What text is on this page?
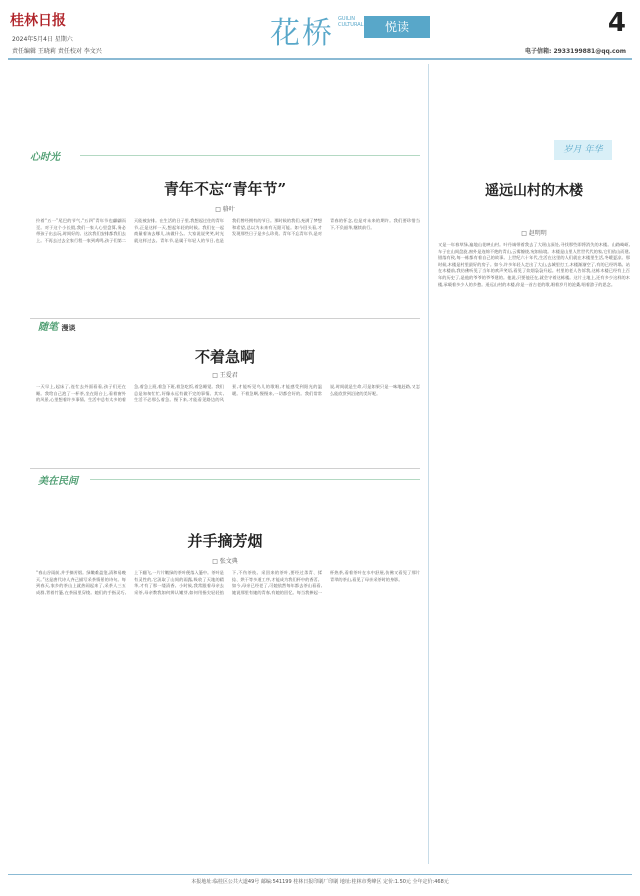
桂林日报
2024年5月4日 星期六
责任编辑 王晓莉 责任校对 李文兴
花桥 GUILIN CULTURAL	悦读	4
电子信箱: 2933199881@qq.com
心时光
青年不忘“青年节”
□ 骆叶
拎着“五一”尾巴的节气,“五四”青年节也翩翩而至。对于这个小长假,我们一家人心里盘算,务必带孩子出去玩,时间好的。这次我们安排都我们去上。不再去过去全家行程一家到鸡鸣,孩子们第二天能被安排。在生活的日子里,我想起过往的青年节,正是这样一天,想起年轻的时候。我们在一起商量着该去哪儿,该做什么。大家说说笑笑,时光就这样过去。青年节,是属于年轻人的节日,也是我们曾经拥有的节日。那时候的我们,充满了梦想和希望,总以为未来有无限可能。如今回头看,才发现那些日子是多么珍贵。青年不忘青年节,是对青春的怀念,也是对未来的期许。我们要珍惜当下,不负韶华,继续前行。
随笔 漫谈
不着急啊
□ 王爱君
一天早上,起床了,连忙去外面看看,孩子们还在睡。我给自己泡了一杯茶,坐在阳台上,看着窗外的风景,心里想着许多事情。生活中总有太多的着急,着急上班,着急下班,着急吃饭,着急睡觉。我们总是匆匆忙忙,好像永远有做不完的事情。其实,生活不必那么着急。慢下来,才能看见路边的风景,才能听见鸟儿的歌唱,才能感受到阳光的温暖。不着急啊,慢慢来,一切都会好的。我们常常说,时间就是生命,可是如果只是一味地赶路,又怎么能欣赏到沿途的美好呢。
美在民间
并手摘芳烟
□ 张文典
“春山谷雨前,并手摘芳烟。绿嫩难盈笼,清和易晚天。”这是唐代诗人齐己描写采茶情景的诗句。每到春天,家乡的茶山上就热闹起来了,采茶人三五成群,背着竹篓,在茶园里穿梭。她们的手指灵巧,上下翻飞,一片片嫩绿的茶叶便落入篓中。茶叶是有灵性的,它汲取了山间的雨露,吸收了天地的精华,才有了那一缕清香。小时候,我常跟着母亲去采茶,母亲教我如何辨认嫩芽,如何用指尖轻轻掐下,不伤茶枝。采回来的茶叶,要经过杀青、揉捻、烘干等多道工序,才能成为我们杯中的香茗。如今,母亲已经老了,可她依然每年都去茶山看看,她说那里有她的青春,有她的回忆。每当我捧起一杯热茶,看着茶叶在水中舒展,仿佛又看见了那片青翠的茶山,看见了母亲采茶时的身影。
岁月 年华
遥远山村的木楼
□ 赵明明
又是一年春草绿,遍地山花映山村。叶丹诚带着我去了大瑶山深处,寻找那些即将消失的木楼。山路崎岖,车子在山间盘旋,窗外是连绵不绝的青山,云雾缭绕,宛如仙境。木楼是山里人世世代代的家,它们依山而建,错落有致,每一栋都有着自己的故事。上世纪六十年代,生活在这里的人们就在木楼里生活,冬暖夏凉。那时候,木楼是村里最好的房子。如今,许多年轻人走出了大山,去城里打工,木楼渐渐空了,有的已经坍塌。站在木楼前,我仿佛听见了当年的欢声笑语,看见了炊烟袅袅升起。村里的老人告诉我,这栋木楼已经有上百年的历史了,是他的爷爷的爷爷建的。他说,只要他还在,就会守着这栋楼。这片土地上,还有多少这样的木楼,承载着多少人的乡愁。遥远山村的木楼,你是一首古老的歌,唱着岁月的沧桑,唱着游子的思念。
本报地址:临桂区公共大道49号 邮编:541199 桂林日报印刷厂印刷 地址:桂林市秀峰区 定价:1.50元 全年定价:468元
